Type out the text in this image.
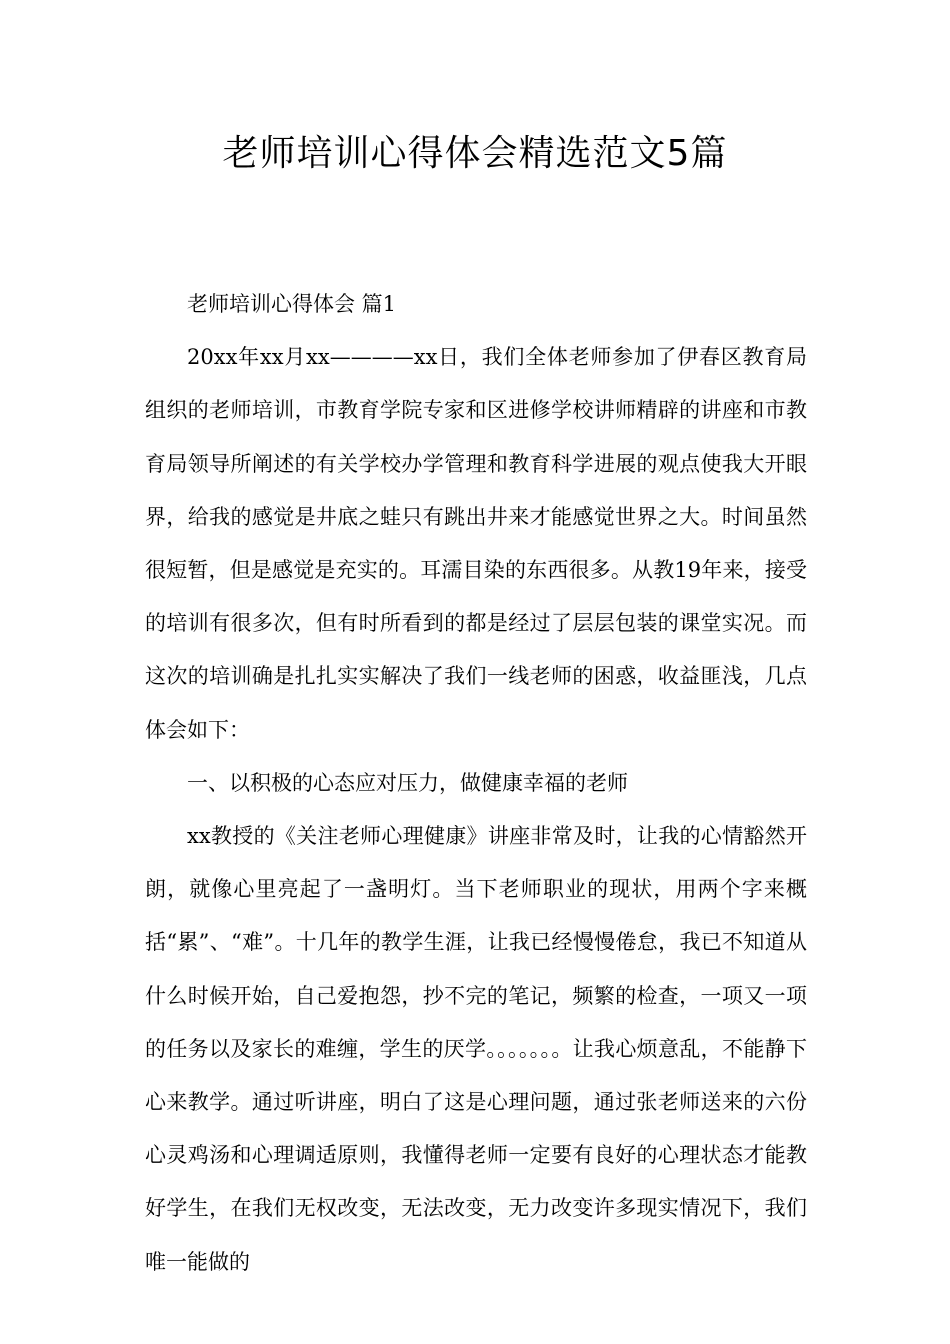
老师培训心得体会精选范文5篇

老师培训心得体会 篇1

20xx年xx月xx————xx日，我们全体老师参加了伊春区教育局组织的老师培训，市教育学院专家和区进修学校讲师精辟的讲座和市教育局领导所阐述的有关学校办学管理和教育科学进展的观点使我大开眼界，给我的感觉是井底之蛙只有跳出井来才能感觉世界之大。时间虽然很短暂，但是感觉是充实的。耳濡目染的东西很多。从教19年来，接受的培训有很多次，但有时所看到的都是经过了层层包装的课堂实况。而这次的培训确是扎扎实实解决了我们一线老师的困惑，收益匪浅，几点体会如下：

一、以积极的心态应对压力，做健康幸福的老师

xx教授的《关注老师心理健康》讲座非常及时，让我的心情豁然开朗，就像心里亮起了一盏明灯。当下老师职业的现状，用两个字来概括“累”、“难”。十几年的教学生涯，让我已经慢慢倦怠，我已不知道从什么时候开始，自己爱抱怨，抄不完的笔记，频繁的检查，一项又一项的任务以及家长的难缠，学生的厌学。。。。。。。让我心烦意乱，不能静下心来教学。通过听讲座，明白了这是心理问题，通过张老师送来的六份心灵鸡汤和心理调适原则，我懂得老师一定要有良好的心理状态才能教好学生，在我们无权改变，无法改变，无力改变许多现实情况下，我们唯一能做的
